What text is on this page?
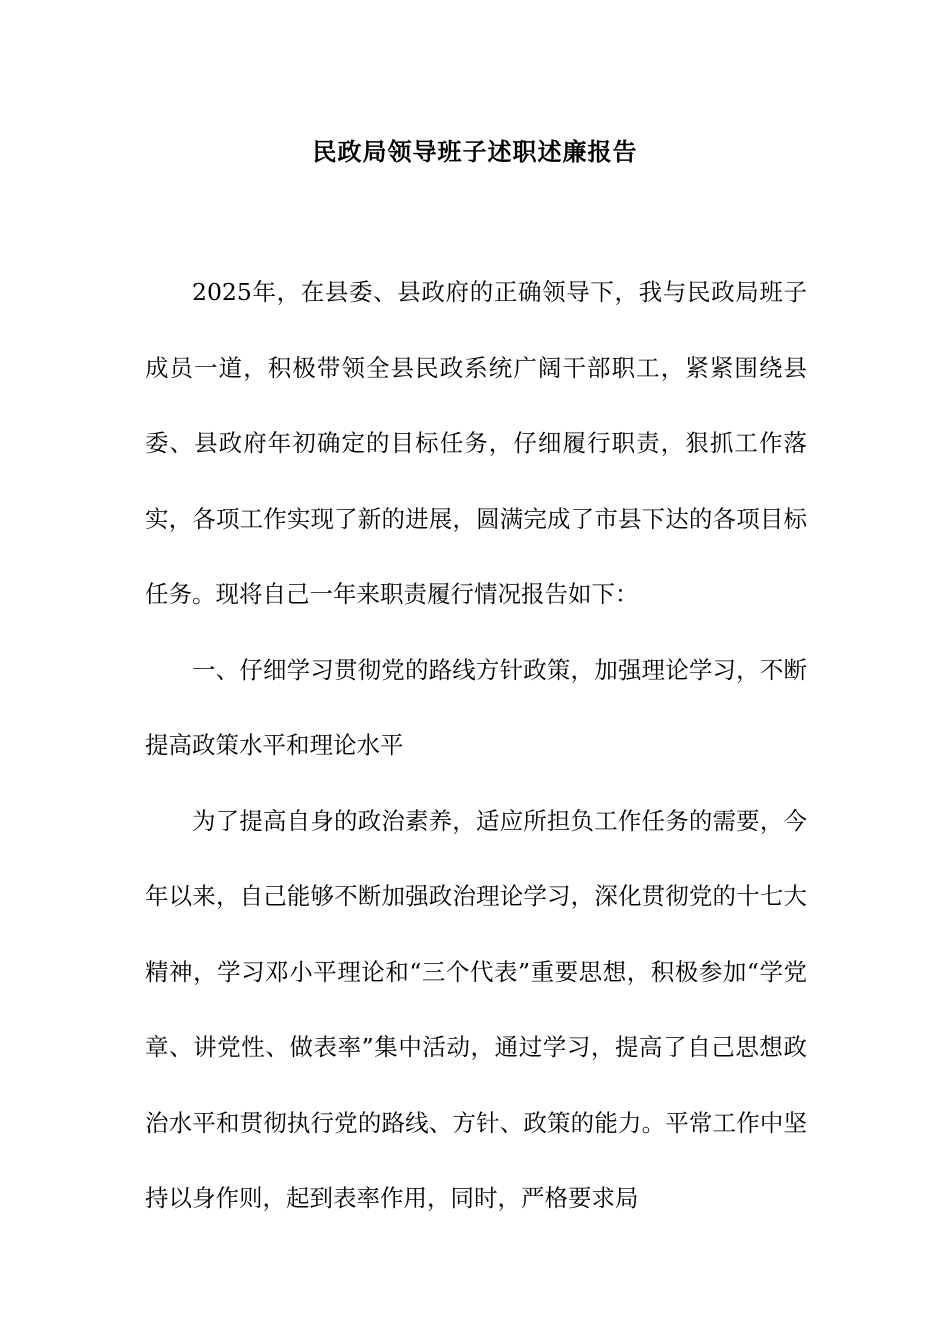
民政局领导班子述职述廉报告

2025年，在县委、县政府的正确领导下，我与民政局班子成员一道，积极带领全县民政系统广阔干部职工，紧紧围绕县委、县政府年初确定的目标任务，仔细履行职责，狠抓工作落实，各项工作实现了新的进展，圆满完成了市县下达的各项目标任务。现将自己一年来职责履行情况报告如下：

一、仔细学习贯彻党的路线方针政策，加强理论学习，不断提高政策水平和理论水平

为了提高自身的政治素养，适应所担负工作任务的需要，今年以来，自己能够不断加强政治理论学习，深化贯彻党的十七大精神，学习邓小平理论和“三个代表”重要思想，积极参加“学党章、讲党性、做表率”集中活动，通过学习，提高了自己思想政治水平和贯彻执行党的路线、方针、政策的能力。平常工作中坚持以身作则，起到表率作用，同时，严格要求局
